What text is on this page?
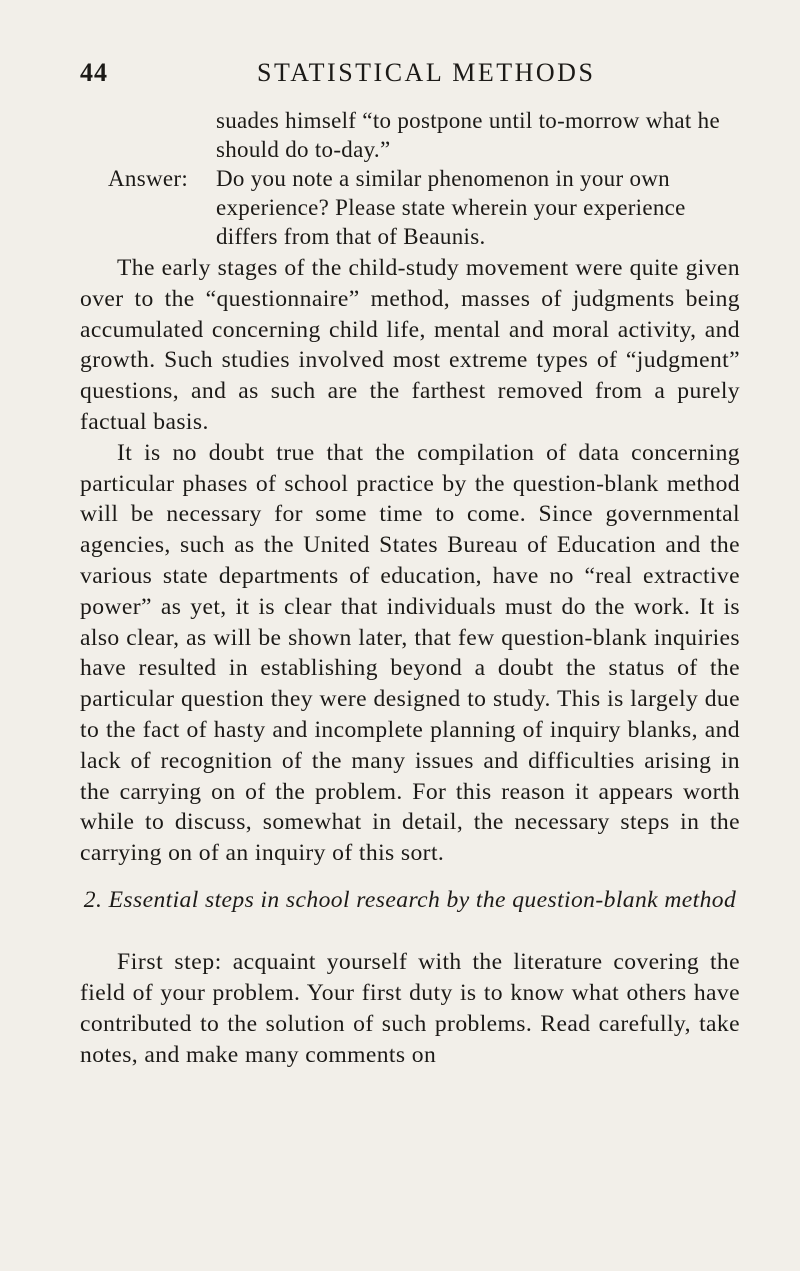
44	STATISTICAL METHODS
suades himself “to postpone until to-morrow what he should do to-day.”
Answer:	Do you note a similar phenomenon in your own experience? Please state wherein your experience differs from that of Beaunis.

The early stages of the child-study movement were quite given over to the “questionnaire” method, masses of judgments being accumulated concerning child life, mental and moral activity, and growth. Such studies involved most extreme types of “judgment” questions, and as such are the farthest removed from a purely factual basis.

It is no doubt true that the compilation of data concerning particular phases of school practice by the question-blank method will be necessary for some time to come. Since governmental agencies, such as the United States Bureau of Education and the various state departments of education, have no “real extractive power” as yet, it is clear that individuals must do the work. It is also clear, as will be shown later, that few question-blank inquiries have resulted in establishing beyond a doubt the status of the particular question they were designed to study. This is largely due to the fact of hasty and incomplete planning of inquiry blanks, and lack of recognition of the many issues and difficulties arising in the carrying on of the problem. For this reason it appears worth while to discuss, somewhat in detail, the necessary steps in the carrying on of an inquiry of this sort.

2. Essential steps in school research by the question-blank method

First step: acquaint yourself with the literature covering the field of your problem. Your first duty is to know what others have contributed to the solution of such problems. Read carefully, take notes, and make many comments on
